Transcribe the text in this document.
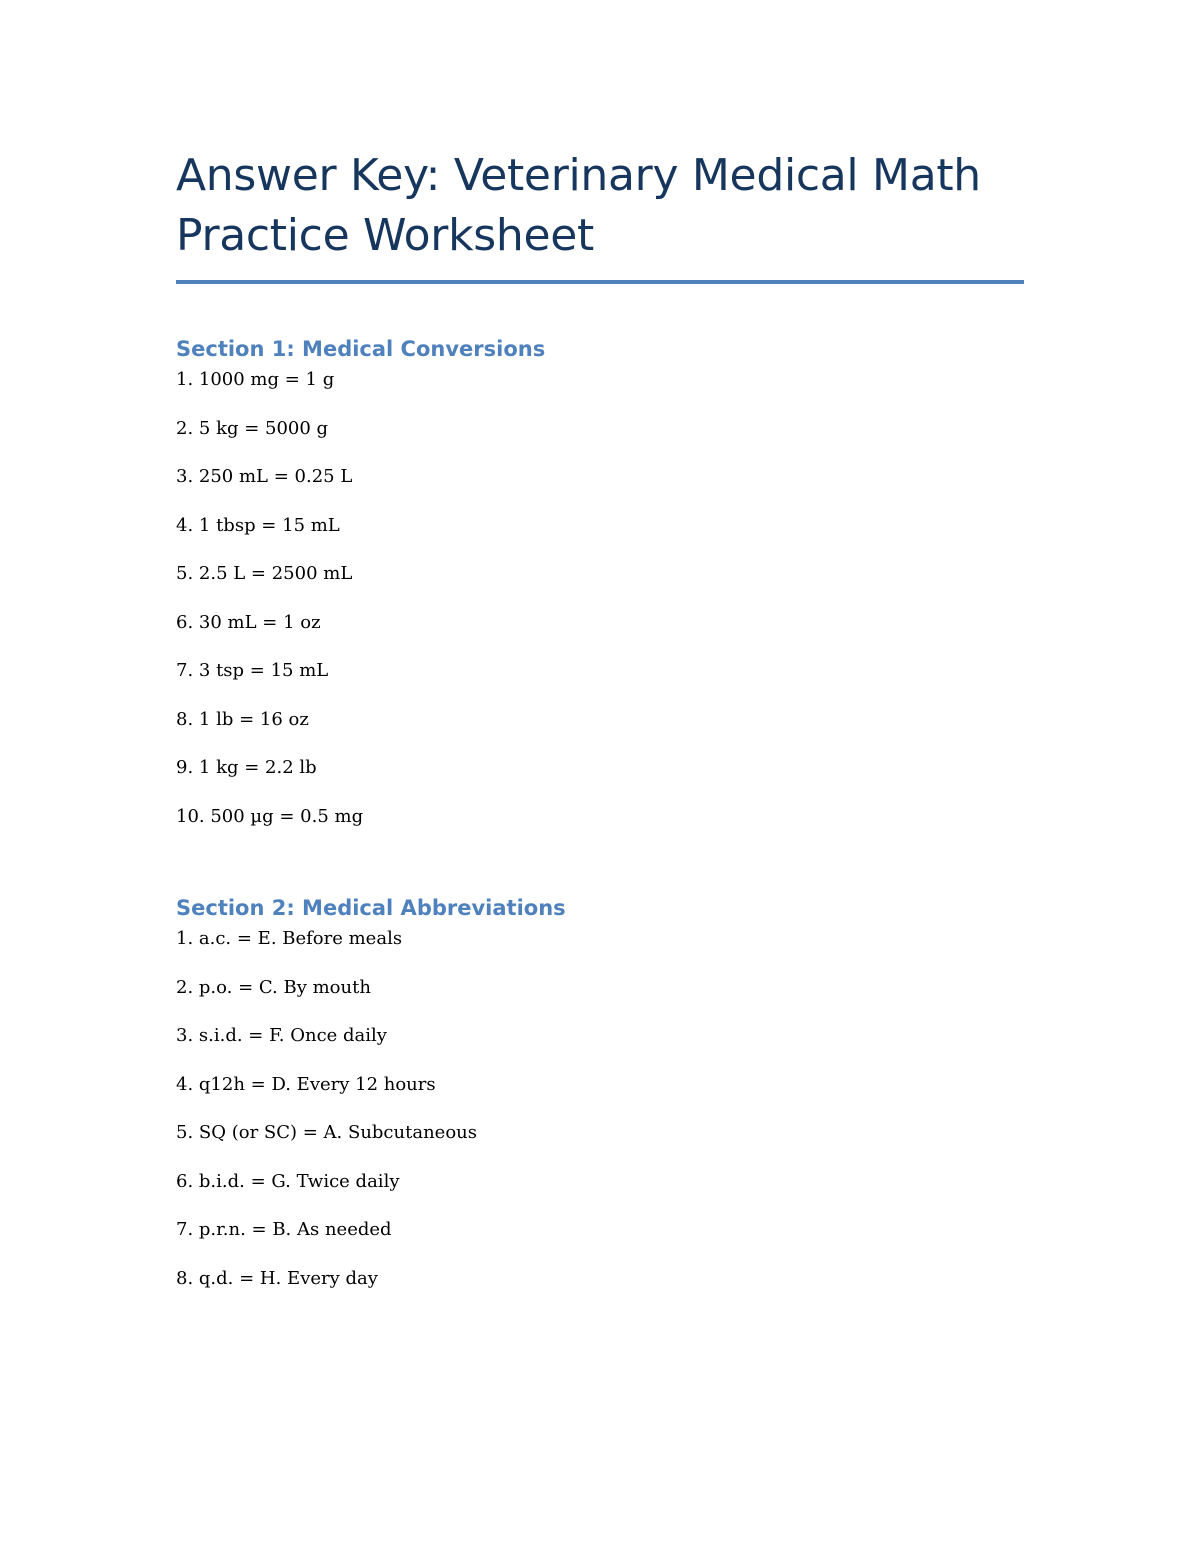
Answer Key: Veterinary Medical Math Practice Worksheet
Section 1: Medical Conversions
1. 1000 mg = 1 g
2. 5 kg = 5000 g
3. 250 mL = 0.25 L
4. 1 tbsp = 15 mL
5. 2.5 L = 2500 mL
6. 30 mL = 1 oz
7. 3 tsp = 15 mL
8. 1 lb = 16 oz
9. 1 kg = 2.2 lb
10. 500 µg = 0.5 mg
Section 2: Medical Abbreviations
1. a.c. = E. Before meals
2. p.o. = C. By mouth
3. s.i.d. = F. Once daily
4. q12h = D. Every 12 hours
5. SQ (or SC) = A. Subcutaneous
6. b.i.d. = G. Twice daily
7. p.r.n. = B. As needed
8. q.d. = H. Every day
